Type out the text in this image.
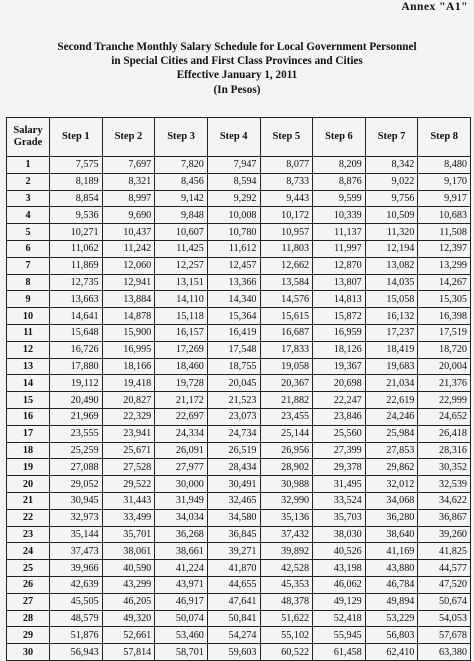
Annex "A1"
Second Tranche Monthly Salary Schedule for Local Government Personnel
in Special Cities and First Class Provinces and Cities
Effective January 1, 2011
(In Pesos)
Salary Grade	Step 1	Step 2	Step 3	Step 4	Step 5	Step 6	Step 7	Step 8
1	7,575	7,697	7,820	7,947	8,077	8,209	8,342	8,480
2	8,189	8,321	8,456	8,594	8,733	8,876	9,022	9,170
3	8,854	8,997	9,142	9,292	9,443	9,599	9,756	9,917
4	9,536	9,690	9,848	10,008	10,172	10,339	10,509	10,683
5	10,271	10,437	10,607	10,780	10,957	11,137	11,320	11,508
6	11,062	11,242	11,425	11,612	11,803	11,997	12,194	12,397
7	11,869	12,060	12,257	12,457	12,662	12,870	13,082	13,299
8	12,735	12,941	13,151	13,366	13,584	13,807	14,035	14,267
9	13,663	13,884	14,110	14,340	14,576	14,813	15,058	15,305
10	14,641	14,878	15,118	15,364	15,615	15,872	16,132	16,398
11	15,648	15,900	16,157	16,419	16,687	16,959	17,237	17,519
12	16,726	16,995	17,269	17,548	17,833	18,126	18,419	18,720
13	17,880	18,166	18,460	18,755	19,058	19,367	19,683	20,004
14	19,112	19,418	19,728	20,045	20,367	20,698	21,034	21,376
15	20,490	20,827	21,172	21,523	21,882	22,247	22,619	22,999
16	21,969	22,329	22,697	23,073	23,455	23,846	24,246	24,652
17	23,555	23,941	24,334	24,734	25,144	25,560	25,984	26,418
18	25,259	25,671	26,091	26,519	26,956	27,399	27,853	28,316
19	27,088	27,528	27,977	28,434	28,902	29,378	29,862	30,352
20	29,052	29,522	30,000	30,491	30,988	31,495	32,012	32,539
21	30,945	31,443	31,949	32,465	32,990	33,524	34,068	34,622
22	32,973	33,499	34,034	34,580	35,136	35,703	36,280	36,867
23	35,144	35,701	36,268	36,845	37,432	38,030	38,640	39,260
24	37,473	38,061	38,661	39,271	39,892	40,526	41,169	41,825
25	39,966	40,590	41,224	41,870	42,528	43,198	43,880	44,577
26	42,639	43,299	43,971	44,655	45,353	46,062	46,784	47,520
27	45,505	46,205	46,917	47,641	48,378	49,129	49,894	50,674
28	48,579	49,320	50,074	50,841	51,622	52,418	53,229	54,053
29	51,876	52,661	53,460	54,274	55,102	55,945	56,803	57,678
30	56,943	57,814	58,701	59,603	60,522	61,458	62,410	63,380
